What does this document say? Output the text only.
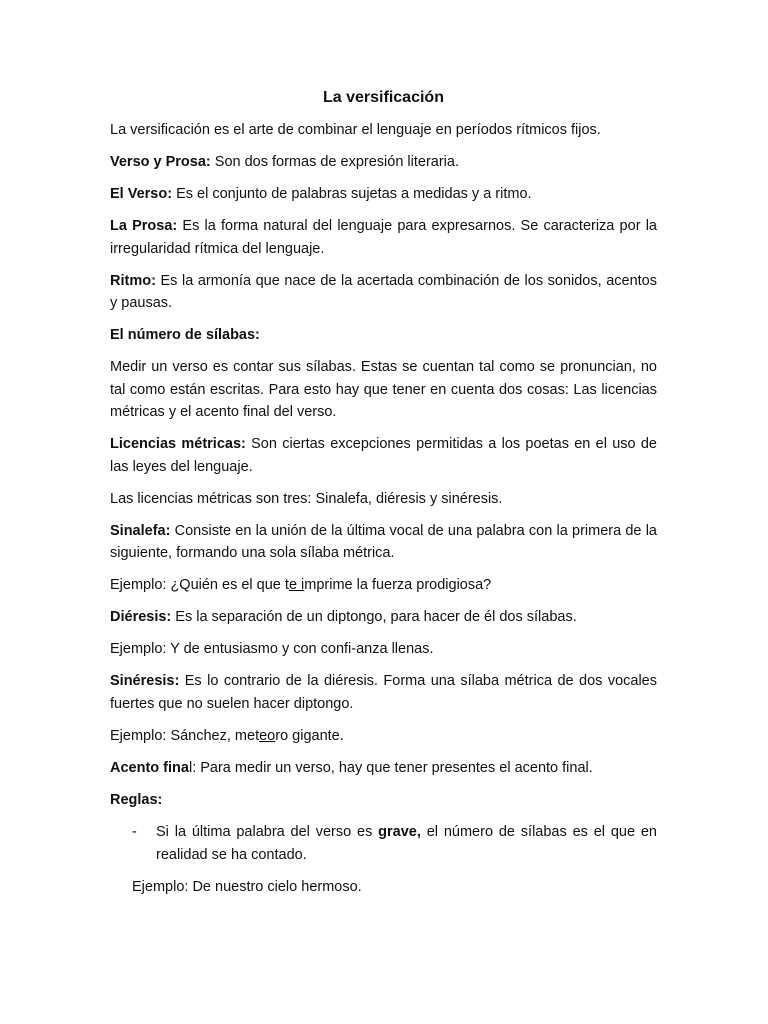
La versificación

La versificación es el arte de combinar el lenguaje en períodos rítmicos fijos.

Verso y Prosa: Son dos formas de expresión literaria.

El Verso: Es el conjunto de palabras sujetas a medidas y a ritmo.

La Prosa: Es la forma natural del lenguaje para expresarnos. Se caracteriza por la irregularidad rítmica del lenguaje.

Ritmo: Es la armonía que nace de la acertada combinación de los sonidos, acentos y pausas.

El número de sílabas:

Medir un verso es contar sus sílabas. Estas se cuentan tal como se pronuncian, no tal como están escritas. Para esto hay que tener en cuenta dos cosas: Las licencias métricas y el acento final del verso.

Licencias métricas: Son ciertas excepciones permitidas a los poetas en el uso de las leyes del lenguaje.

Las licencias métricas son tres: Sinalefa, diéresis y sinéresis.

Sinalefa: Consiste en la unión de la última vocal de una palabra con la primera de la siguiente, formando una sola sílaba métrica.

Ejemplo: ¿Quién es el que te imprime la fuerza prodigiosa?

Diéresis: Es la separación de un diptongo, para hacer de él dos sílabas.

Ejemplo: Y de entusiasmo y con confi-anza llenas.

Sinéresis: Es lo contrario de la diéresis. Forma una sílaba métrica de dos vocales fuertes que no suelen hacer diptongo.

Ejemplo: Sánchez, meteoro gigante.

Acento final: Para medir un verso, hay que tener presentes el acento final.

Reglas:

- Si la última palabra del verso es grave, el número de sílabas es el que en realidad se ha contado.

Ejemplo: De nuestro cielo hermoso.
